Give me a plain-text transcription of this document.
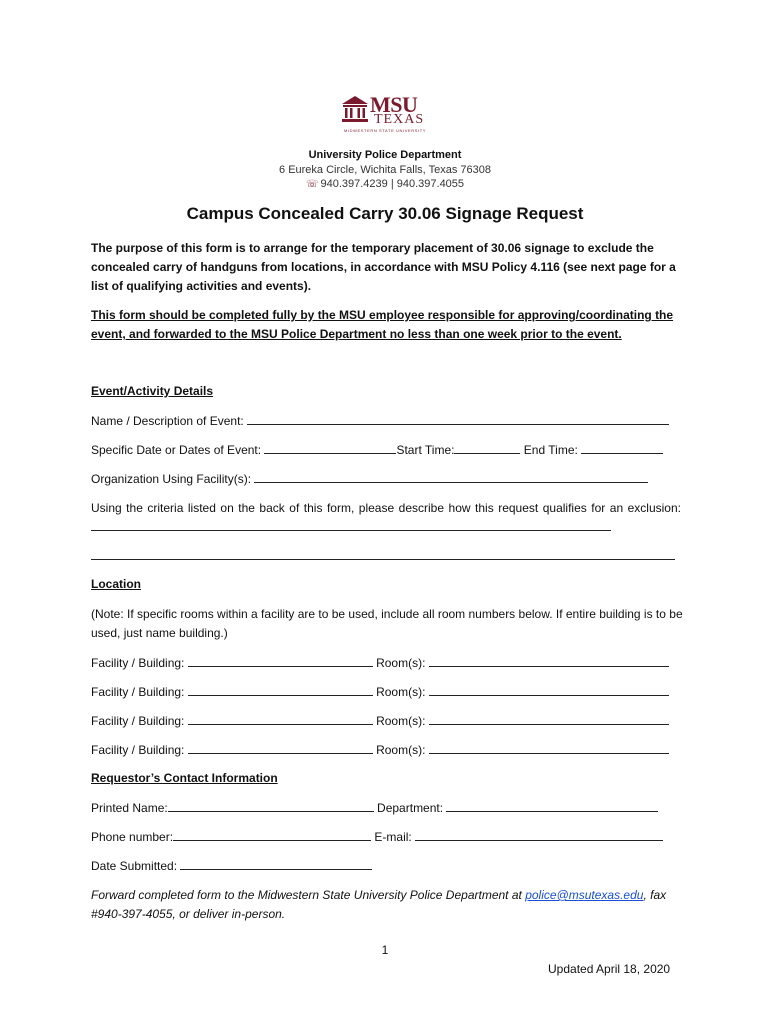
MSU
TEXAS
MIDWESTERN STATE UNIVERSITY
University Police Department
6 Eureka Circle, Wichita Falls, Texas 76308
☏ 940.397.4239 | 940.397.4055
Campus Concealed Carry 30.06 Signage Request
The purpose of this form is to arrange for the temporary placement of 30.06 signage to exclude the concealed carry of handguns from locations, in accordance with MSU Policy 4.116 (see next page for a list of qualifying activities and events).
This form should be completed fully by the MSU employee responsible for approving/coordinating the event, and forwarded to the MSU Police Department no less than one week prior to the event.
Event/Activity Details
Name / Description of Event:
Specific Date or Dates of Event:	Start Time:	End Time:
Organization Using Facility(s):
Using the criteria listed on the back of this form, please describe how this request qualifies for an exclusion:
Location
(Note: If specific rooms within a facility are to be used, include all room numbers below. If entire building is to be used, just name building.)
Facility / Building:	Room(s):
Facility / Building:	Room(s):
Facility / Building:	Room(s):
Facility / Building:	Room(s):
Requestor’s Contact Information
Printed Name:	Department:
Phone number:	E-mail:
Date Submitted:
Forward completed form to the Midwestern State University Police Department at police@msutexas.edu, fax #940-397-4055, or deliver in-person.
1
Updated April 18, 2020
